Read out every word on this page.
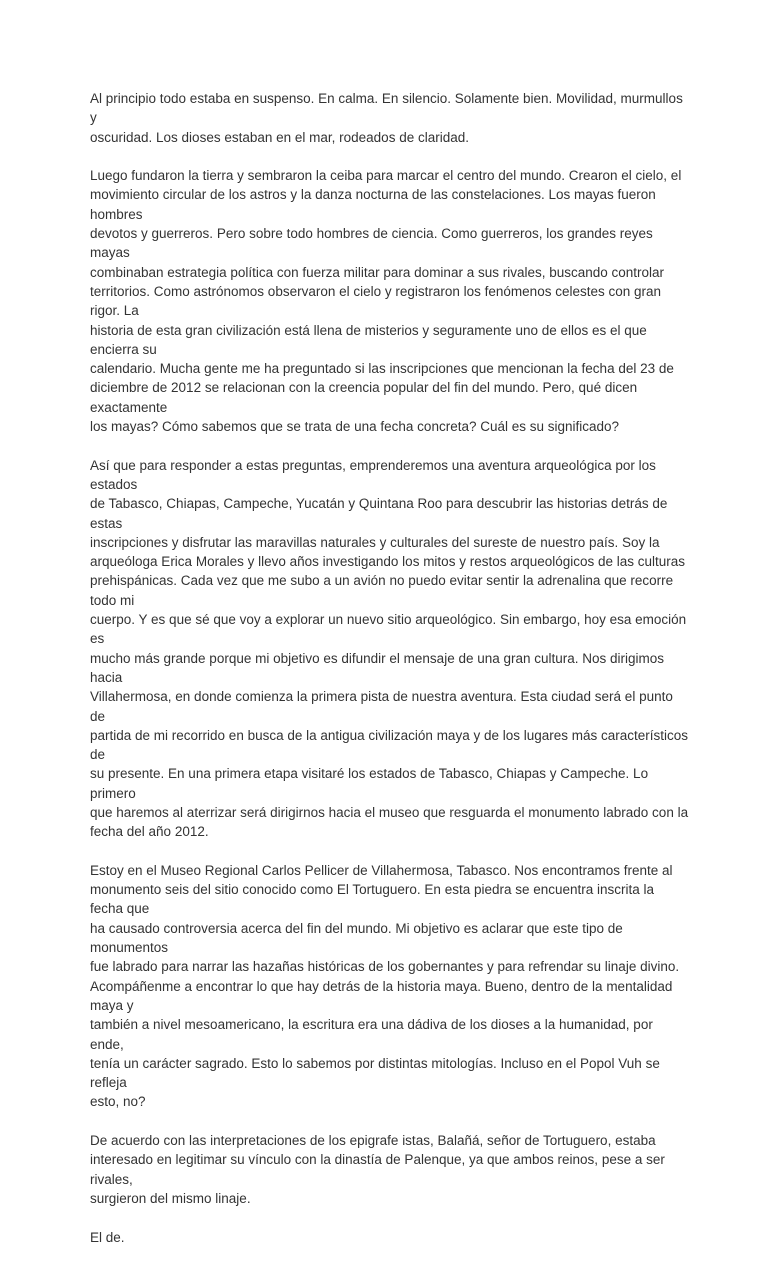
Al principio todo estaba en suspenso. En calma. En silencio. Solamente bien. Movilidad, murmullos y
oscuridad. Los dioses estaban en el mar, rodeados de claridad.

Luego fundaron la tierra y sembraron la ceiba para marcar el centro del mundo. Crearon el cielo, el
movimiento circular de los astros y la danza nocturna de las constelaciones. Los mayas fueron hombres
devotos y guerreros. Pero sobre todo hombres de ciencia. Como guerreros, los grandes reyes mayas
combinaban estrategia política con fuerza militar para dominar a sus rivales, buscando controlar
territorios. Como astrónomos observaron el cielo y registraron los fenómenos celestes con gran rigor. La
historia de esta gran civilización está llena de misterios y seguramente uno de ellos es el que encierra su
calendario. Mucha gente me ha preguntado si las inscripciones que mencionan la fecha del 23 de
diciembre de 2012 se relacionan con la creencia popular del fin del mundo. Pero, qué dicen exactamente
los mayas? Cómo sabemos que se trata de una fecha concreta? Cuál es su significado?

Así que para responder a estas preguntas, emprenderemos una aventura arqueológica por los estados
de Tabasco, Chiapas, Campeche, Yucatán y Quintana Roo para descubrir las historias detrás de estas
inscripciones y disfrutar las maravillas naturales y culturales del sureste de nuestro país. Soy la
arqueóloga Erica Morales y llevo años investigando los mitos y restos arqueológicos de las culturas
prehispánicas. Cada vez que me subo a un avión no puedo evitar sentir la adrenalina que recorre todo mi
cuerpo. Y es que sé que voy a explorar un nuevo sitio arqueológico. Sin embargo, hoy esa emoción es
mucho más grande porque mi objetivo es difundir el mensaje de una gran cultura. Nos dirigimos hacia
Villahermosa, en donde comienza la primera pista de nuestra aventura. Esta ciudad será el punto de
partida de mi recorrido en busca de la antigua civilización maya y de los lugares más característicos de
su presente. En una primera etapa visitaré los estados de Tabasco, Chiapas y Campeche. Lo primero
que haremos al aterrizar será dirigirnos hacia el museo que resguarda el monumento labrado con la
fecha del año 2012.

Estoy en el Museo Regional Carlos Pellicer de Villahermosa, Tabasco. Nos encontramos frente al
monumento seis del sitio conocido como El Tortuguero. En esta piedra se encuentra inscrita la fecha que
ha causado controversia acerca del fin del mundo. Mi objetivo es aclarar que este tipo de monumentos
fue labrado para narrar las hazañas históricas de los gobernantes y para refrendar su linaje divino.
Acompáñenme a encontrar lo que hay detrás de la historia maya. Bueno, dentro de la mentalidad maya y
también a nivel mesoamericano, la escritura era una dádiva de los dioses a la humanidad, por ende,
tenía un carácter sagrado. Esto lo sabemos por distintas mitologías. Incluso en el Popol Vuh se refleja
esto, no?

De acuerdo con las interpretaciones de los epigrafe istas, Balañá, señor de Tortuguero, estaba
interesado en legitimar su vínculo con la dinastía de Palenque, ya que ambos reinos, pese a ser rivales,
surgieron del mismo linaje.

El de.
